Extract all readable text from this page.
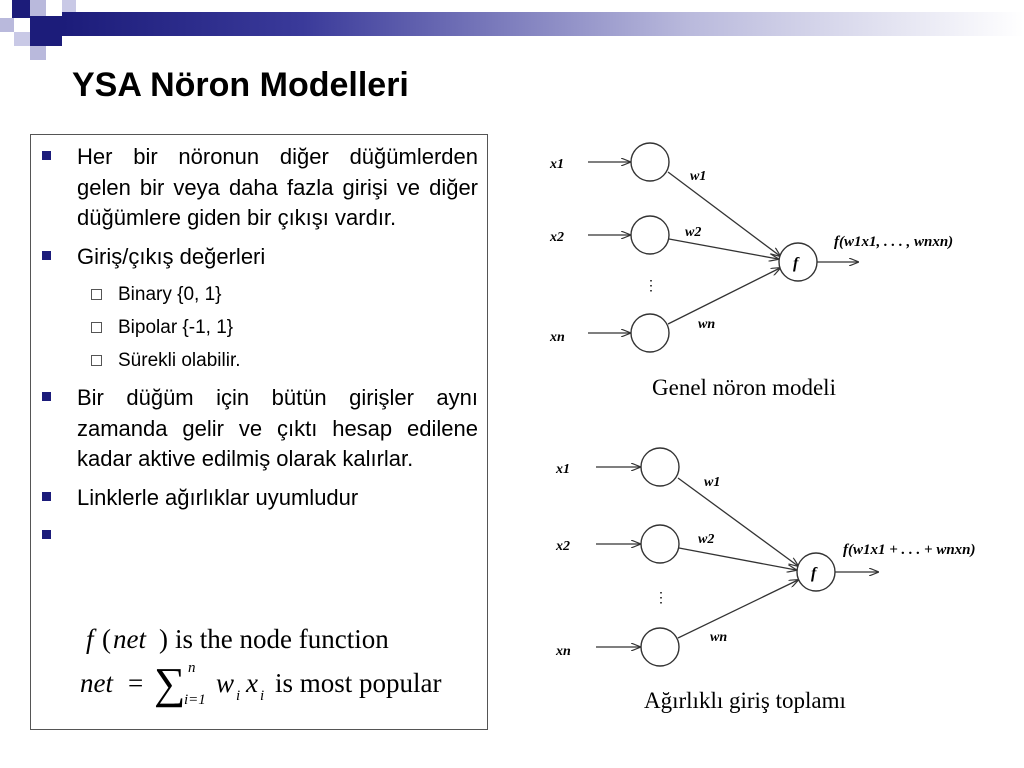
YSA Nöron Modelleri
Her bir nöronun diğer düğümlerden gelen bir veya daha fazla girişi ve diğer düğümlere giden bir çıkışı vardır.
Giriş/çıkış değerleri
Binary {0, 1}
Bipolar {-1, 1}
Sürekli olabilir.
Bir düğüm için bütün girişler aynı zamanda gelir ve çıktı hesap edilene kadar aktive edilmiş olarak kalırlar.
Linklerle ağırlıklar uyumludur
f ( net ) is the node function
net = ∑ n
i=1
w i x i is most popular
x1
x2
xn
⋮
w1
w2
wn
f
f(w1x1, . . . , wnxn)
Genel nöron modeli
x1
x2
xn
⋮
w1
w2
wn
f
f(w1x1 + . . . + wnxn)
Ağırlıklı giriş toplamı
